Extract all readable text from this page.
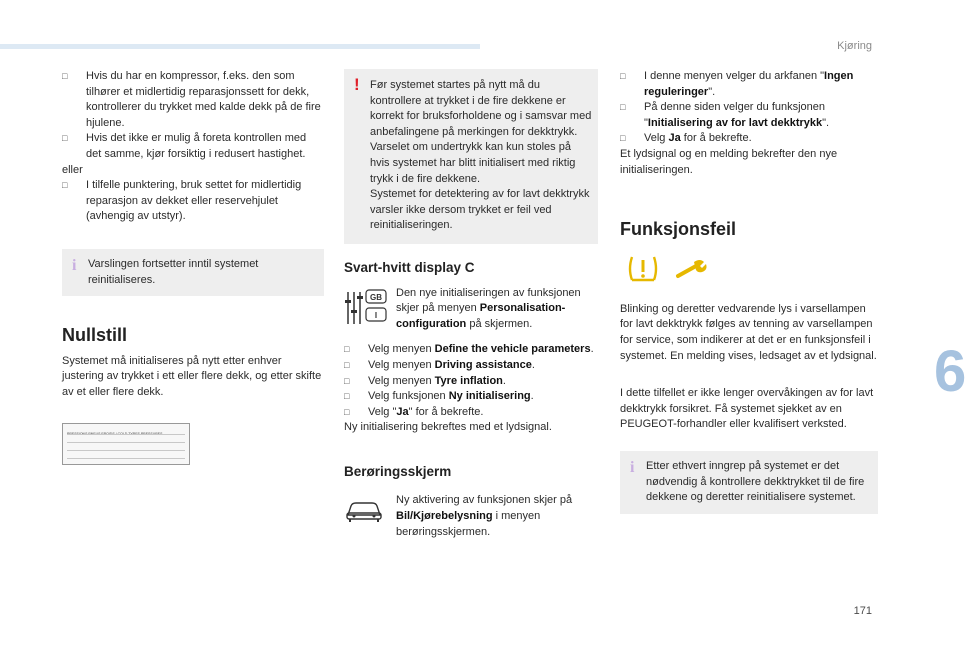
Kjøring
6
171

□ Hvis du har en kompressor, f.eks. den som tilhører et midlertidig reparasjonssett for dekk, kontrollerer du trykket med kalde dekk på de fire hjulene.

□ Hvis det ikke er mulig å foreta kontrollen med det samme, kjør forsiktig i redusert hastighet.

eller

□ I tilfelle punktering, bruk settet for midlertidig reparasjon av dekket eller reservehjulet (avhengig av utstyr).

i Varslingen fortsetter inntil systemet reinitialiseres.
Nullstill

Systemet må initialiseres på nytt etter enhver justering av trykket i ett eller flere dekk, og etter skifte av et eller flere dekk.

! Før systemet startes på nytt må du kontrollere at trykket i de fire dekkene er korrekt for bruksforholdene og i samsvar med anbefalingene på merkingen for dekktrykk.
Varselet om undertrykk kan kun stoles på hvis systemet har blitt initialisert med riktig trykk i de fire dekkene.
Systemet for detektering av for lavt dekktrykk varsler ikke dersom trykket er feil ved reinitialiseringen.
Svart-hvitt display C
GB
I
Den nye initialiseringen av funksjonen skjer på menyen Personalisation-configuration på skjermen.

□ Velg menyen Define the vehicle parameters.

□ Velg menyen Driving assistance.

□ Velg menyen Tyre inflation.

□ Velg funksjonen Ny initialisering.

□ Velg "Ja" for å bekrefte.

Ny initialisering bekreftes med et lydsignal.

Berøringsskjerm
Ny aktivering av funksjonen skjer på Bil/Kjørebelysning i menyen berøringsskjermen.

□ I denne menyen velger du arkfanen "Ingen reguleringer".

□ På denne siden velger du funksjonen "Initialisering av for lavt dekktrykk".

□ Velg Ja for å bekrefte.

Et lydsignal og en melding bekrefter den nye initialiseringen.

Funksjonsfeil

Blinking og deretter vedvarende lys i varsellampen for lavt dekktrykk følges av tenning av varsellampen for service, som indikerer at det er en funksjonsfeil i systemet. En melding vises, ledsaget av et lydsignal.

I dette tilfellet er ikke lenger overvåkingen av for lavt dekktrykk forsikret. Få systemet sjekket av en PEUGEOT-forhandler eller kvalifisert verksted.

i Etter ethvert inngrep på systemet er det nødvendig å kontrollere dekktrykket til de fire dekkene og deretter reinitialisere systemet.
